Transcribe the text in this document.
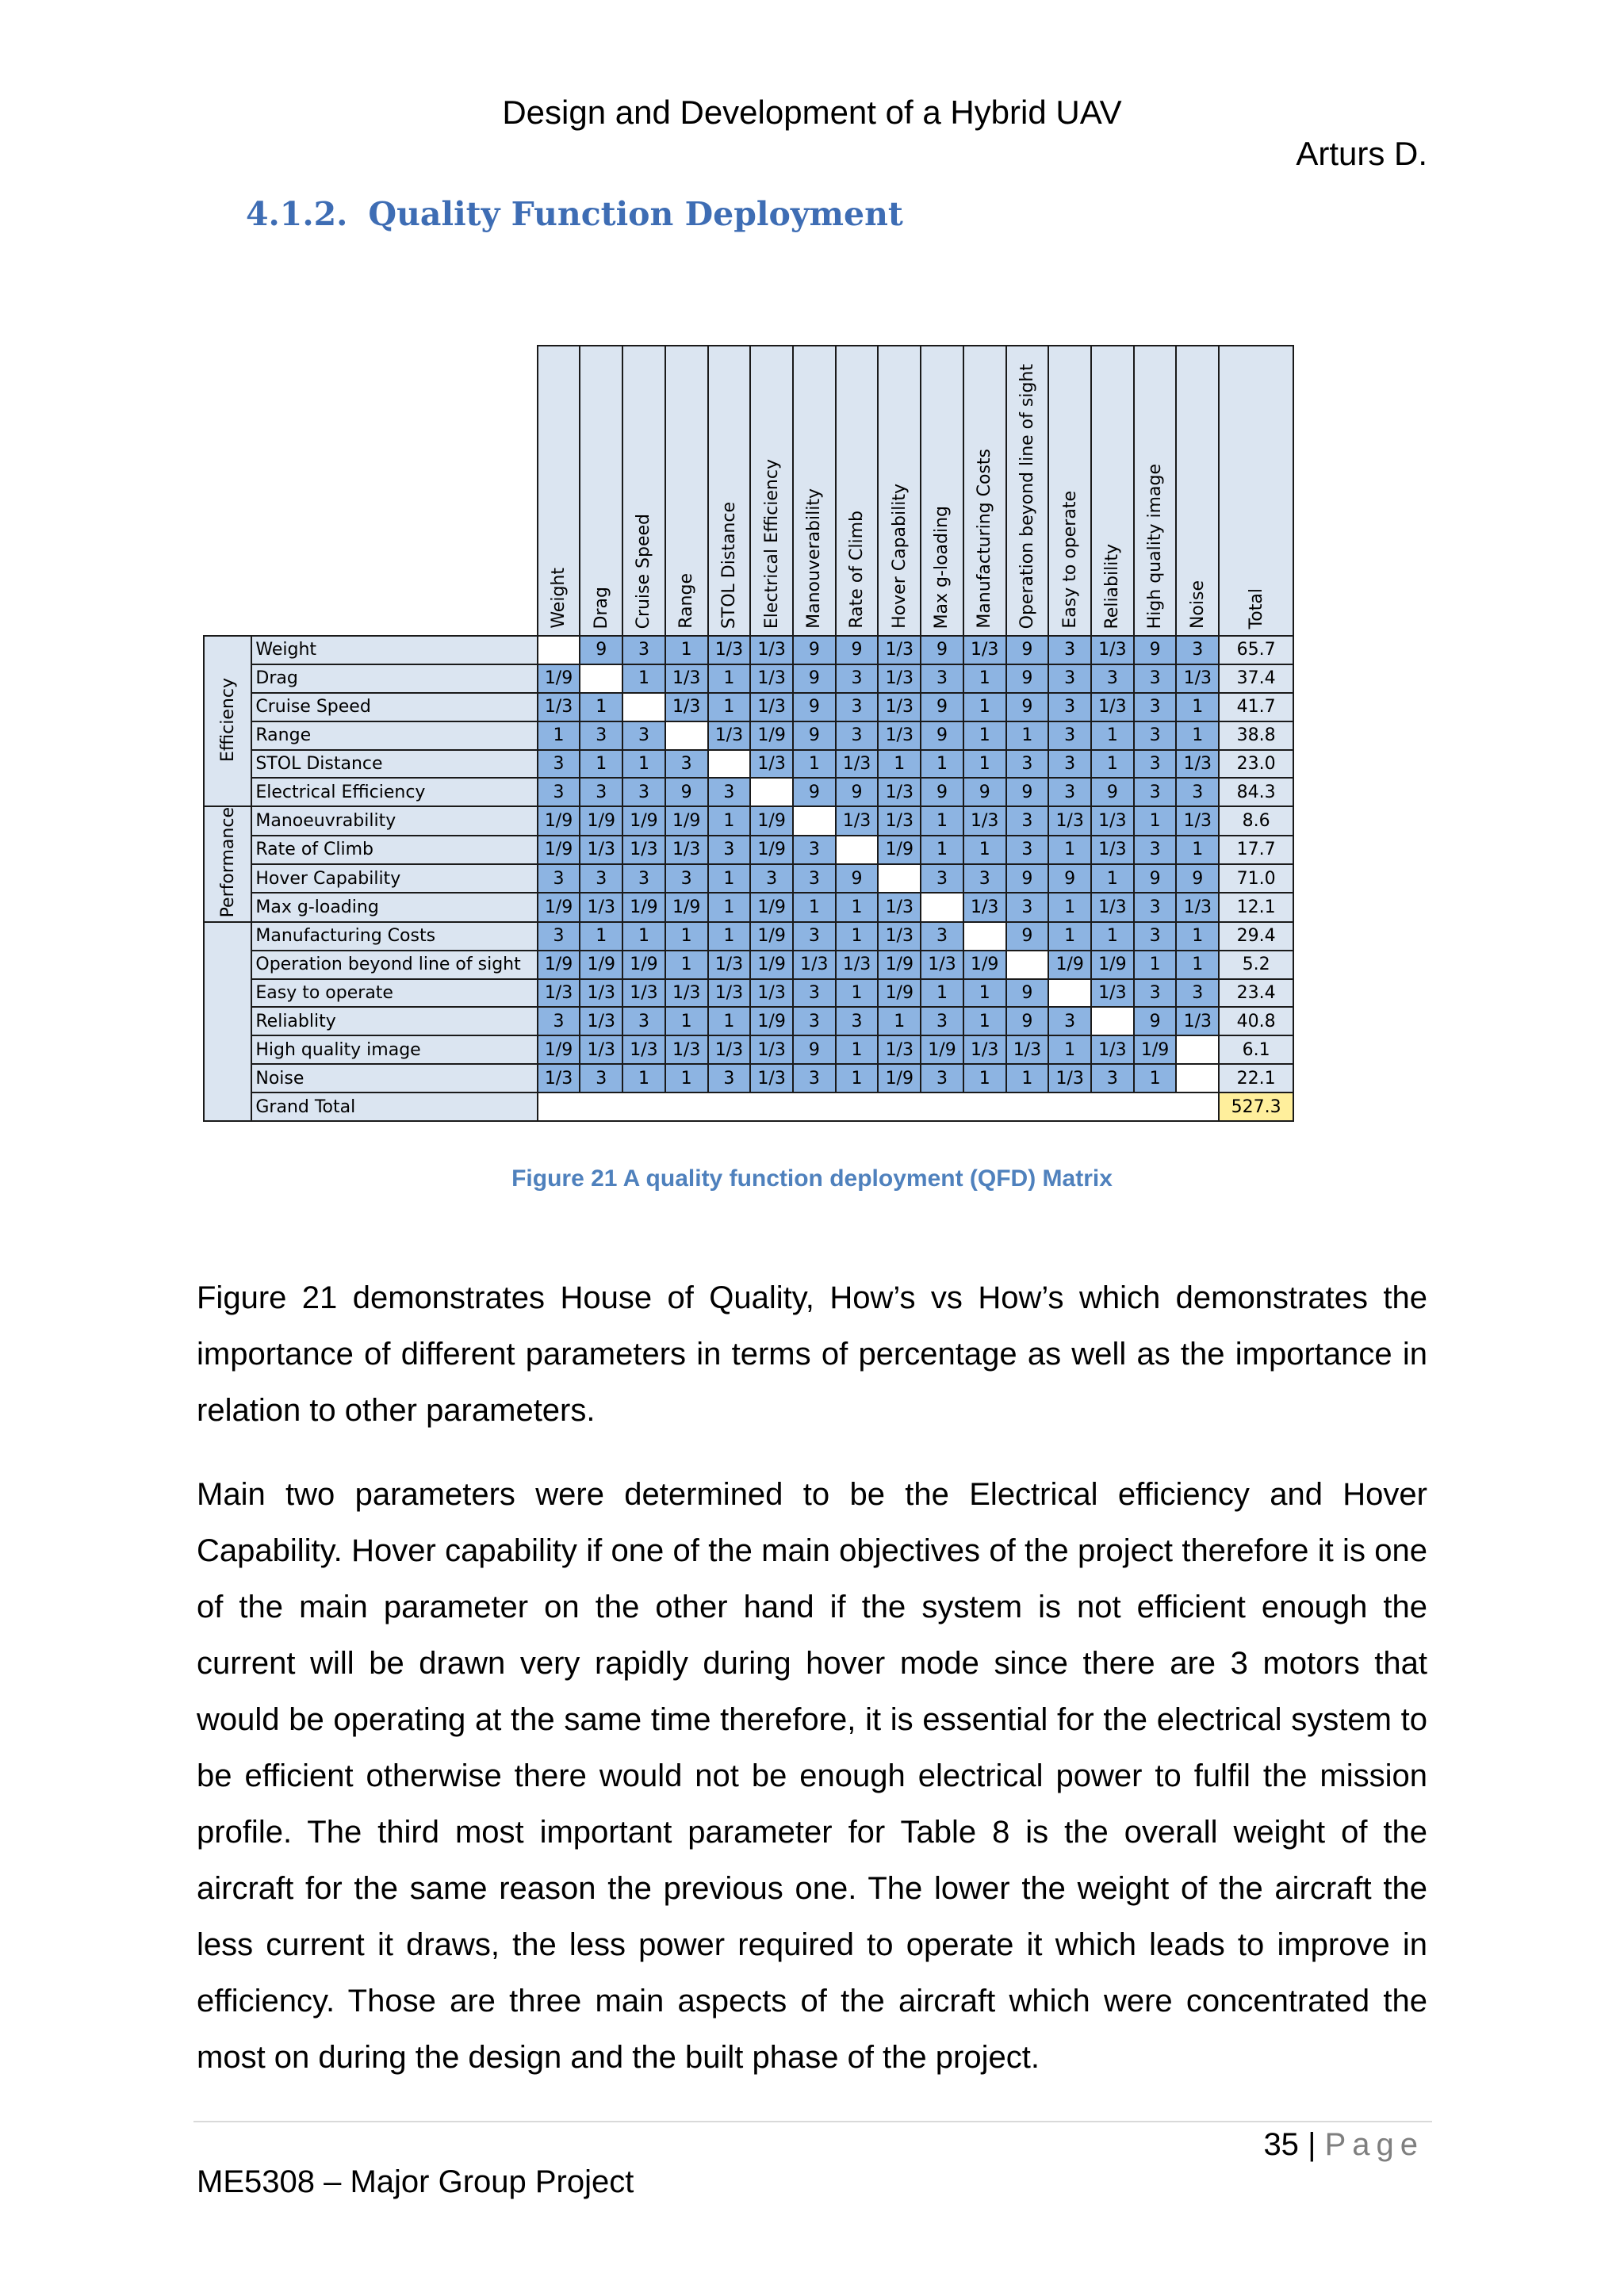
Design and Development of a Hybrid UAV
Arturs D.
4.1.2. Quality Function Deployment

		Weight	Drag	Cruise Speed	Range	STOL Distance	Electrical Efficiency	Manouverability	Rate of Climb	Hover Capability	Max g-loading	Manufacturing Costs	Operation beyond line of sight	Easy to operate	Reliability	High quality image	Noise	Total

Efficiency	Weight		9	3	1	1/3	1/3	9	9	1/3	9	1/3	9	3	1/3	9	3	65.7
	Drag	1/9		1	1/3	1	1/3	9	3	1/3	3	1	9	3	3	3	1/3	37.4
	Cruise Speed	1/3	1		1/3	1	1/3	9	3	1/3	9	1	9	3	1/3	3	1	41.7
	Range	1	3	3		1/3	1/9	9	3	1/3	9	1	1	3	1	3	1	38.8
	STOL Distance	3	1	1	3		1/3	1	1/3	1	1	1	3	3	1	3	1/3	23.0
	Electrical Efficiency	3	3	3	9	3		9	9	1/3	9	9	9	3	9	3	3	84.3
Performance	Manoeuvrability	1/9	1/9	1/9	1/9	1	1/9		1/3	1/3	1	1/3	3	1/3	1/3	1	1/3	8.6
	Rate of Climb	1/9	1/3	1/3	1/3	3	1/9	3		1/9	1	1	3	1	1/3	3	1	17.7
	Hover Capability	3	3	3	3	1	3	3	9		3	3	9	9	1	9	9	71.0
	Max g-loading	1/9	1/3	1/9	1/9	1	1/9	1	1	1/3		1/3	3	1	1/3	3	1/3	12.1
	Manufacturing Costs	3	1	1	1	1	1/9	3	1	1/3	3		9	1	1	3	1	29.4
	Operation beyond line of sight	1/9	1/9	1/9	1	1/3	1/9	1/3	1/3	1/9	1/3	1/9		1/9	1/9	1	1	5.2
	Easy to operate	1/3	1/3	1/3	1/3	1/3	1/3	3	1	1/9	1	1	9		1/3	3	3	23.4
	Reliablity	3	1/3	3	1	1	1/9	3	3	1	3	1	9	3		9	1/3	40.8
	High quality image	1/9	1/3	1/3	1/3	1/3	1/3	9	1	1/3	1/9	1/3	1/3	1	1/3	1/9		6.1
	Noise	1/3	3	1	1	3	1/3	3	1	1/9	3	1	1	1/3	3	1		22.1
	Grand Total																	527.3
Figure 21 A quality function deployment (QFD) Matrix

Figure 21 demonstrates House of Quality, How’s vs How’s which demonstrates the importance of different parameters in terms of percentage as well as the importance in relation to other parameters.

Main two parameters were determined to be the Electrical efficiency and Hover Capability. Hover capability if one of the main objectives of the project therefore it is one of the main parameter on the other hand if the system is not efficient enough the current will be drawn very rapidly during hover mode since there are 3 motors that would be operating at the same time therefore, it is essential for the electrical system to be efficient otherwise there would not be enough electrical power to fulfil the mission profile. The third most important parameter for Table 8 is the overall weight of the aircraft for the same reason the previous one. The lower the weight of the aircraft the less current it draws, the less power required to operate it which leads to improve in efficiency. Those are three main aspects of the aircraft which were concentrated the most on during the design and the built phase of the project.

35 | Page
ME5308 – Major Group Project
